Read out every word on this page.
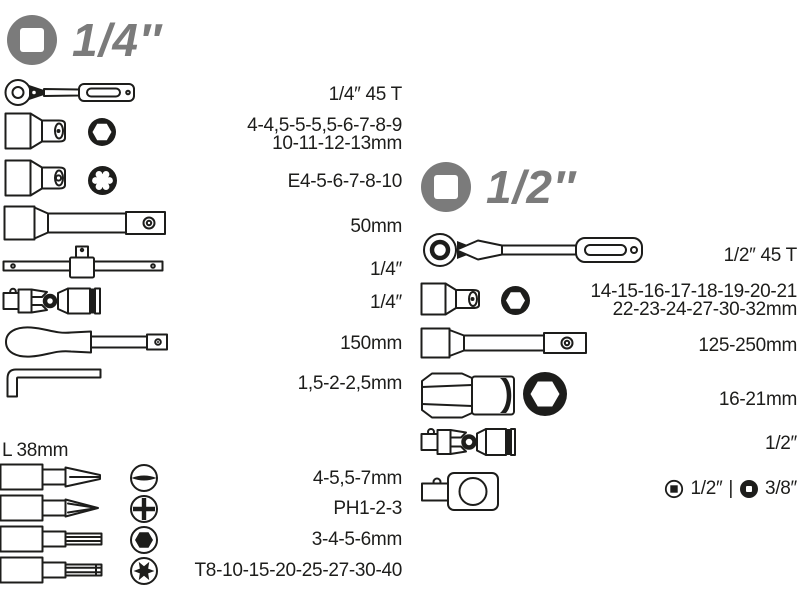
1/4″
1/4″ 45 T
4-4,5-5-5,5-6-7-8-9
10-11-12-13mm
E4-5-6-7-8-10
50mm
1/4″
1/4″
150mm
1,5-2-2,5mm
L 38mm
4-5,5-7mm
PH1-2-3
3-4-5-6mm
T8-10-15-20-25-27-30-40
1/2″
1/2″ 45 T
14-15-16-17-18-19-20-21
22-23-24-27-30-32mm
125-250mm
16-21mm
1/2″
1/2″ | 3/8″
